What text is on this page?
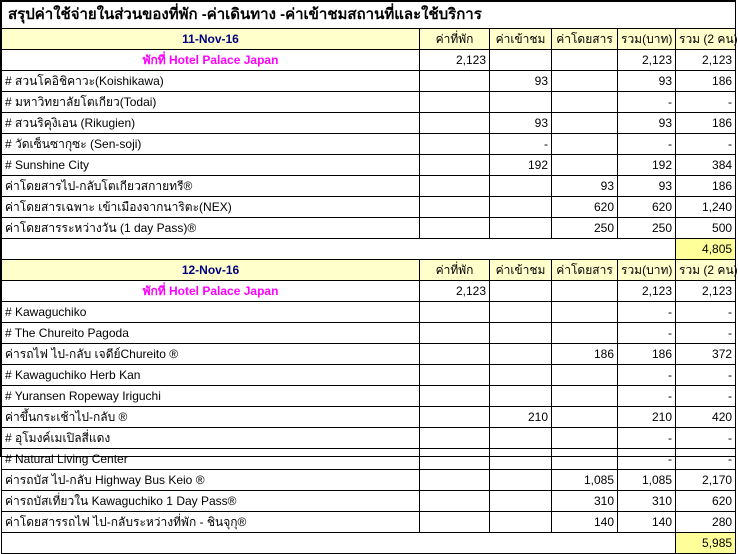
สรุปค่าใช้จ่ายในส่วนของที่พัก -ค่าเดินทาง -ค่าเข้าชมสถานที่และใช้บริการ					
11-Nov-16	ค่าที่พัก	ค่าเข้าชม	ค่าโดยสาร	รวม(บาท)	รวม (2 คน)
พักที่ Hotel Palace Japan	2,123			2,123	2,123
# สวนโคอิชิคาวะ(Koishikawa)		93		93	186
# มหาวิทยาลัยโตเกียว(Todai)				-	-
# สวนริคุงิเอน (Rikugien)		93		93	186
# วัดเซ็นซากุซะ (Sen-soji)		-		-	-
# Sunshine City		192		192	384
ค่าโดยสารไป-กลับโตเกียวสกายทรี®			93	93	186
ค่าโดยสารเฉพาะ เข้าเมืองจากนาริตะ(NEX)			620	620	1,240
ค่าโดยสารระหว่างวัน (1 day Pass)®			250	250	500
					4,805
12-Nov-16	ค่าที่พัก	ค่าเข้าชม	ค่าโดยสาร	รวม(บาท)	รวม (2 คน)
พักที่ Hotel Palace Japan	2,123			2,123	2,123
# Kawaguchiko				-	-
# The Chureito Pagoda				-	-
ค่ารถไฟ ไป-กลับ เจดีย์Chureito ®			186	186	372
# Kawaguchiko Herb Kan				-	-
# Yuransen Ropeway Iriguchi				-	-
ค่าขึ้นกระเช้าไป-กลับ ®		210		210	420
# อุโมงค์เมเปิลสี่แดง				-	-
# Natural Living Center				-	-
ค่ารถบัส ไป-กลับ Highway Bus Keio ®			1,085	1,085	2,170
ค่ารถบัสเที่ยวใน Kawaguchiko 1 Day Pass®			310	310	620
ค่าโดยสารรถไฟ ไป-กลับระหว่างที่พัก - ชินจุกุ®			140	140	280
					5,985
